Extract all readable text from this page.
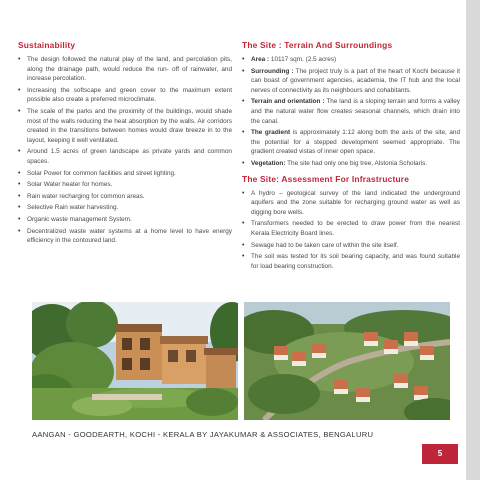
Sustainability
• The design followed the natural play of the land, and percolation pits, along the drainage path, would reduce the run- off of rainwater, and increase percolation.
• Increasing the softscape and green cover to the maximum extent possible also create a preferred microclimate.
• The scale of the parks and the proximity of the buildings, would shade most of the walls reducing the heat absorption by the walls. Air corridors created in the transitions between homes would draw breeze in to the layout, keeping it well ventilated.
• Around 1.5 acres of green landscape as private yards and common spaces.
• Solar Power for common facilities and street lighting.
• Solar Water heater for homes.
• Rain water recharging for common areas.
• Selective Rain water harvesting.
• Organic waste management System.
• Decentralized waste water systems at a home level to have energy efficiency in the contoured land.
The Site : Terrain And Surroundings
• Area : 10117 sqm. (2.5 acres)
• Surrounding : The project truly is a part of the heart of Kochi because it can boast of government agencies, academia, the IT hub and the local nerves of connectivity as its neighbours and cohabitants.
• Terrain and orientation : The land is a sloping terrain and forms a valley and the natural water flow creates seasonal channels, which drain into the canal.
• The gradient is approximately 1:12 along both the axis of the site, and the potential for a stepped development seemed appropriate. The gradient created vistas of inner open space.
• Vegetation: The site had only one big tree, Alstonia Scholaris.
The Site: Assessment For Infrastructure
• A hydro – geological survey of the land indicated the underground aquifers and the zone suitable for recharging ground water as well as digging bore wells.
• Transformers needed to be erected to draw power from the nearest Kerala Electricity Board lines.
• Sewage had to be taken care of within the site itself.
• The soil was tested for its soil bearing capacity, and was found suitable for load bearing construction.
AANGAN - GOODEARTH, KOCHI - KERALA BY JAYAKUMAR & ASSOCIATES, BENGALURU
5
